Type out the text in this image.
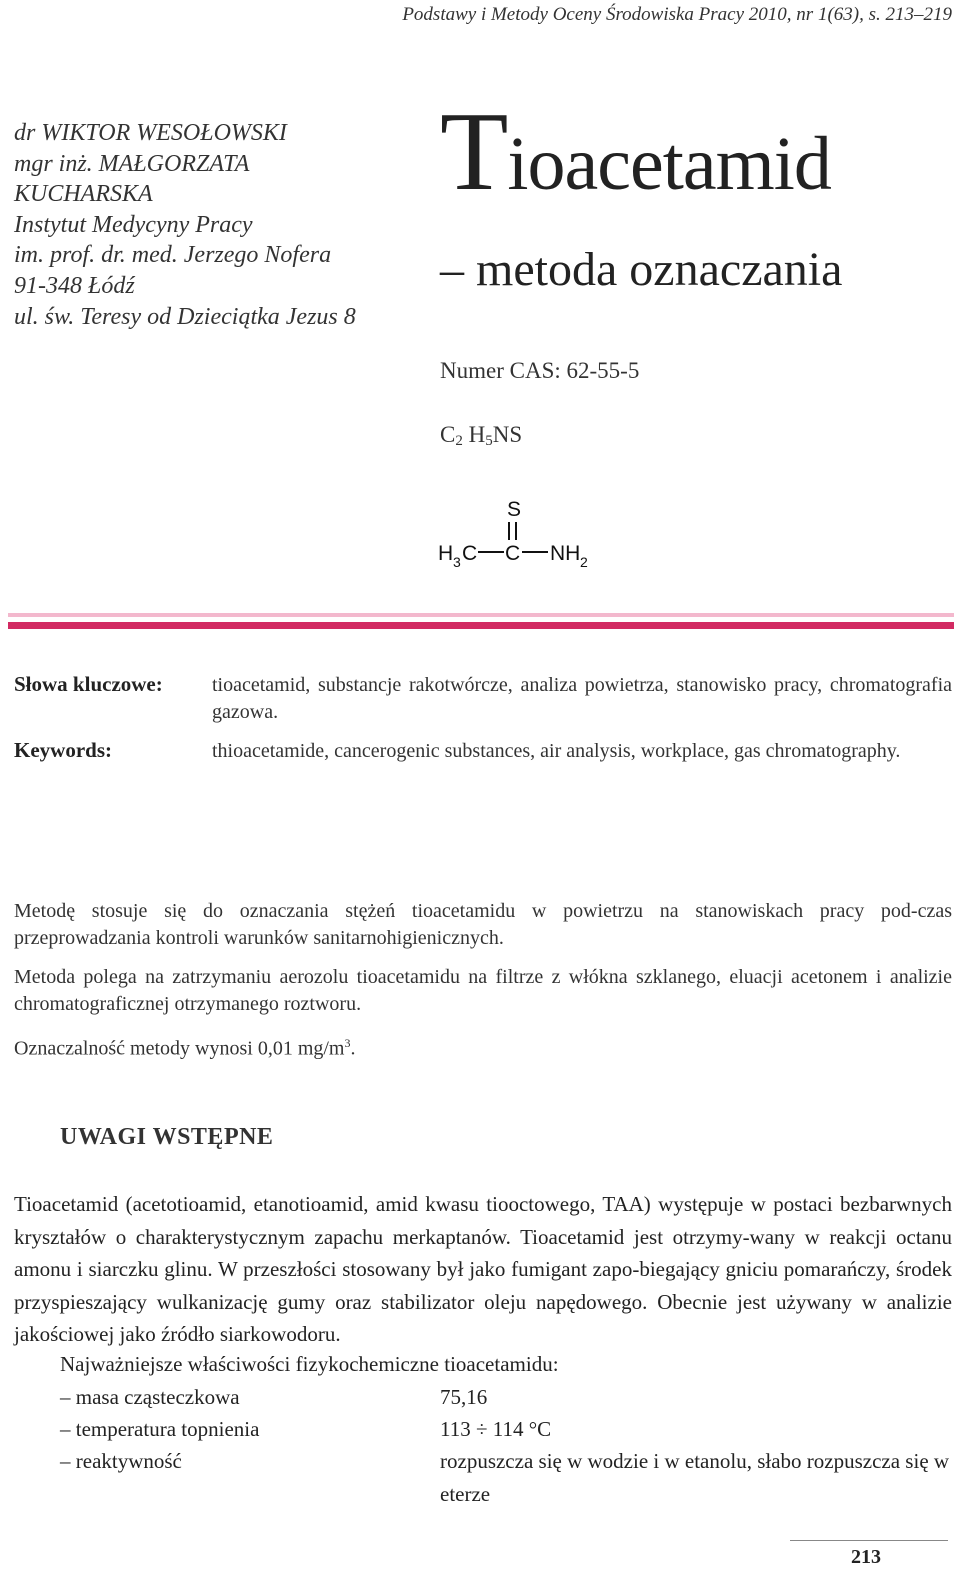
Podstawy i Metody Oceny Środowiska Pracy 2010, nr 1(63), s. 213–219
dr WIKTOR WESOŁOWSKI
mgr inż. MAŁGORZATA
KUCHARSKA
Instytut Medycyny Pracy
im. prof. dr. med. Jerzego Nofera
91-348 Łódź
ul. św. Teresy od Dzieciątka Jezus 8
Tioacetamid
– metoda oznaczania
Numer CAS: 62-55-5
$C_2$ $H_5NS$
S
H 3 C C NH 2
Słowa kluczowe: tioacetamid, substancje rakotwórcze, analiza powietrza, stanowisko pracy, chromatografia gazowa.
Keywords:	thioacetamide, cancerogenic substances, air analysis, workplace, gas chromatography.
Metodę stosuje się do oznaczania stężeń tioacetamidu w powietrzu na stanowiskach pracy pod-czas przeprowadzania kontroli warunków sanitarnohigienicznych.
Metoda polega na zatrzymaniu aerozolu tioacetamidu na filtrze z włókna szklanego, eluacji acetonem i analizie chromatograficznej otrzymanego roztworu.
Oznaczalność metody wynosi 0,01 $mg/m^3$.
UWAGI WSTĘPNE
Tioacetamid (acetotioamid, etanotioamid, amid kwasu tiooctowego, TAA) występuje w postaci bezbarwnych kryształów o charakterystycznym zapachu merkaptanów. Tioacetamid jest otrzymy-wany w reakcji octanu amonu i siarczku glinu. W przeszłości stosowany był jako fumigant zapo-biegający gniciu pomarańczy, środek przyspieszający wulkanizację gumy oraz stabilizator oleju napędowego. Obecnie jest używany w analizie jakościowej jako źródło siarkowodoru.
Najważniejsze właściwości fizykochemiczne tioacetamidu:
– masa cząsteczkowa	75,16
– temperatura topnienia	113 ÷ 114 °C
– reaktywność	rozpuszcza się w wodzie i w etanolu, słabo rozpuszcza się w eterze
213
